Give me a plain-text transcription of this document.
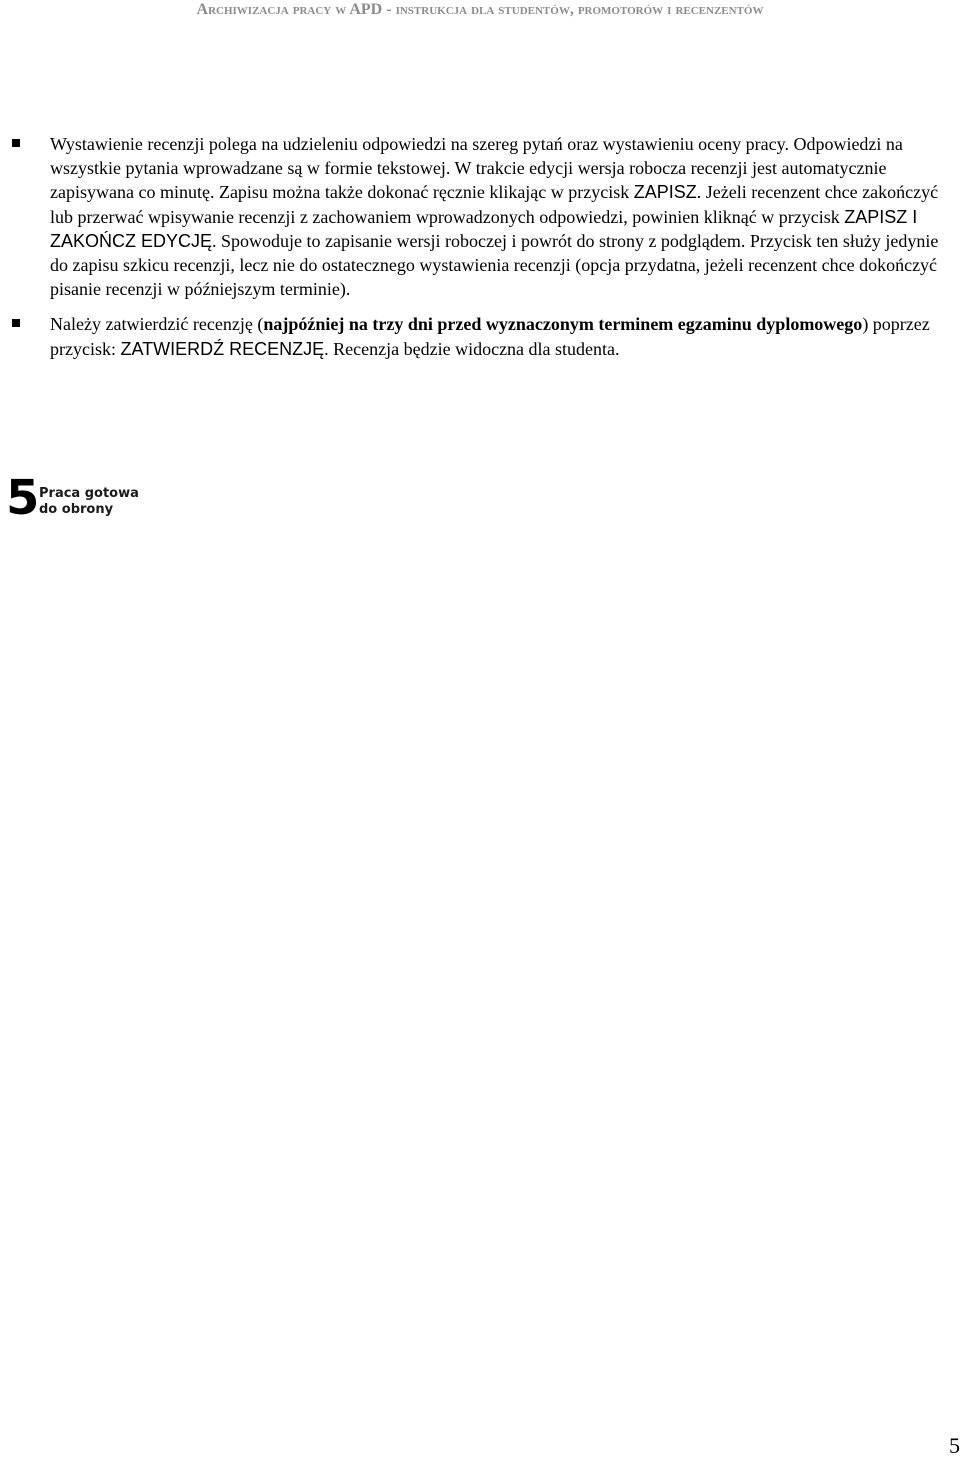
Archiwizacja pracy w APD - instrukcja dla studentów, promotorów i recenzentów
Wystawienie recenzji polega na udzieleniu odpowiedzi na szereg pytań oraz wystawieniu oceny pracy. Odpowiedzi na wszystkie pytania wprowadzane są w formie tekstowej. W trakcie edycji wersja robocza recenzji jest automatycznie zapisywana co minutę. Zapisu można także dokonać ręcznie klikając w przycisk ZAPISZ. Jeżeli recenzent chce zakończyć lub przerwać wpisywanie recenzji z zachowaniem wprowadzonych odpowiedzi, powinien kliknąć w przycisk ZAPISZ I ZAKOŃCZ EDYCJĘ. Spowoduje to zapisanie wersji roboczej i powrót do strony z podglądem. Przycisk ten służy jedynie do zapisu szkicu recenzji, lecz nie do ostatecznego wystawienia recenzji (opcja przydatna, jeżeli recenzent chce dokończyć pisanie recenzji w późniejszym terminie).
Należy zatwierdzić recenzję (najpóźniej na trzy dni przed wyznaczonym terminem egzaminu dyplomowego) poprzez przycisk: ZATWIERDŹ RECENZJĘ. Recenzja będzie widoczna dla studenta.
5 Praca gotowa
do obrony
5
